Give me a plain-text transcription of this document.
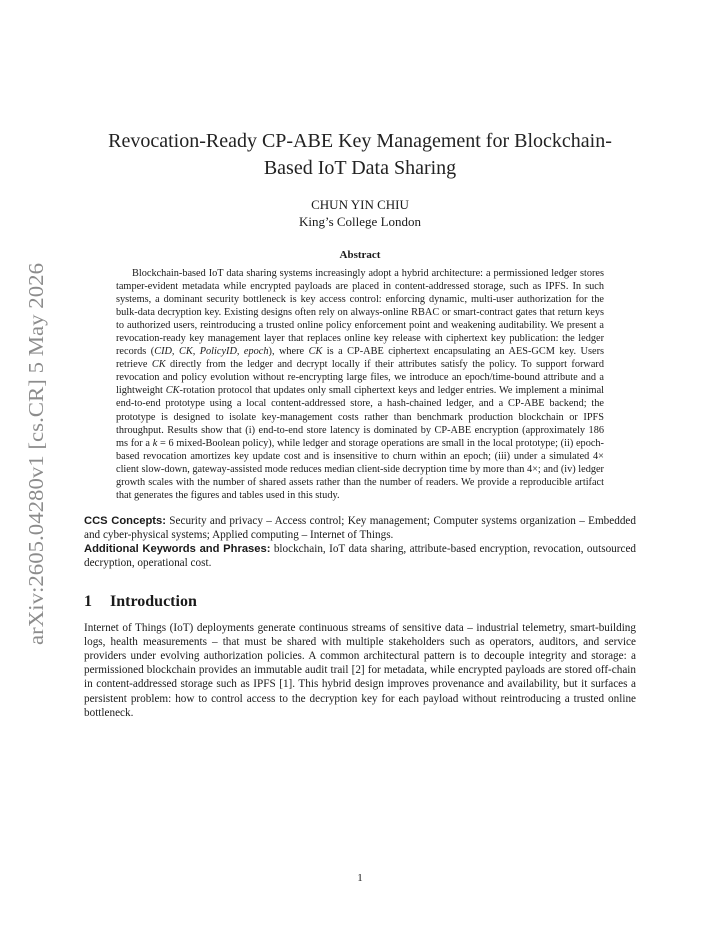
arXiv:2605.04280v1 [cs.CR] 5 May 2026
Revocation-Ready CP-ABE Key Management for Blockchain-Based IoT Data Sharing
CHUN YIN CHIU
King’s College London
Abstract

Blockchain-based IoT data sharing systems increasingly adopt a hybrid architecture: a permissioned ledger stores tamper-evident metadata while encrypted payloads are placed in content-addressed storage, such as IPFS. In such systems, a dominant security bottleneck is key access control: enforcing dynamic, multi-user authorization for the bulk-data decryption key. Existing designs often rely on always-online RBAC or smart-contract gates that return keys to authorized users, reintroducing a trusted online policy enforcement point and weakening auditability. We present a revocation-ready key management layer that replaces online key release with ciphertext key publication: the ledger records (CID, CK, PolicyID, epoch), where CK is a CP-ABE ciphertext encapsulating an AES-GCM key. Users retrieve CK directly from the ledger and decrypt locally if their attributes satisfy the policy. To support forward revocation and policy evolution without re-encrypting large files, we introduce an epoch/time-bound attribute and a lightweight CK-rotation protocol that updates only small ciphertext keys and ledger entries. We implement a minimal end-to-end prototype using a local content-addressed store, a hash-chained ledger, and a CP-ABE backend; the prototype is designed to isolate key-management costs rather than benchmark production blockchain or IPFS throughput. Results show that (i) end-to-end store latency is dominated by CP-ABE encryption (approximately 186 ms for a k = 6 mixed-Boolean policy), while ledger and storage operations are small in the local prototype; (ii) epoch-based revocation amortizes key update cost and is insensitive to churn within an epoch; (iii) under a simulated 4× client slow-down, gateway-assisted mode reduces median client-side decryption time by more than 4×; and (iv) ledger growth scales with the number of shared assets rather than the number of readers. We provide a reproducible artifact that generates the figures and tables used in this study.

CCS Concepts: Security and privacy – Access control; Key management; Computer systems organization – Embedded and cyber-physical systems; Applied computing – Internet of Things.
Additional Keywords and Phrases: blockchain, IoT data sharing, attribute-based encryption, revocation, outsourced decryption, operational cost.
1 Introduction

Internet of Things (IoT) deployments generate continuous streams of sensitive data – industrial telemetry, smart-building logs, health measurements – that must be shared with multiple stakeholders such as operators, auditors, and service providers under evolving authorization policies. A common architectural pattern is to decouple integrity and storage: a permissioned blockchain provides an immutable audit trail [2] for metadata, while encrypted payloads are stored off-chain in content-addressed storage such as IPFS [1]. This hybrid design improves provenance and availability, but it surfaces a persistent problem: how to control access to the decryption key for each payload without reintroducing a trusted online bottleneck.

1
